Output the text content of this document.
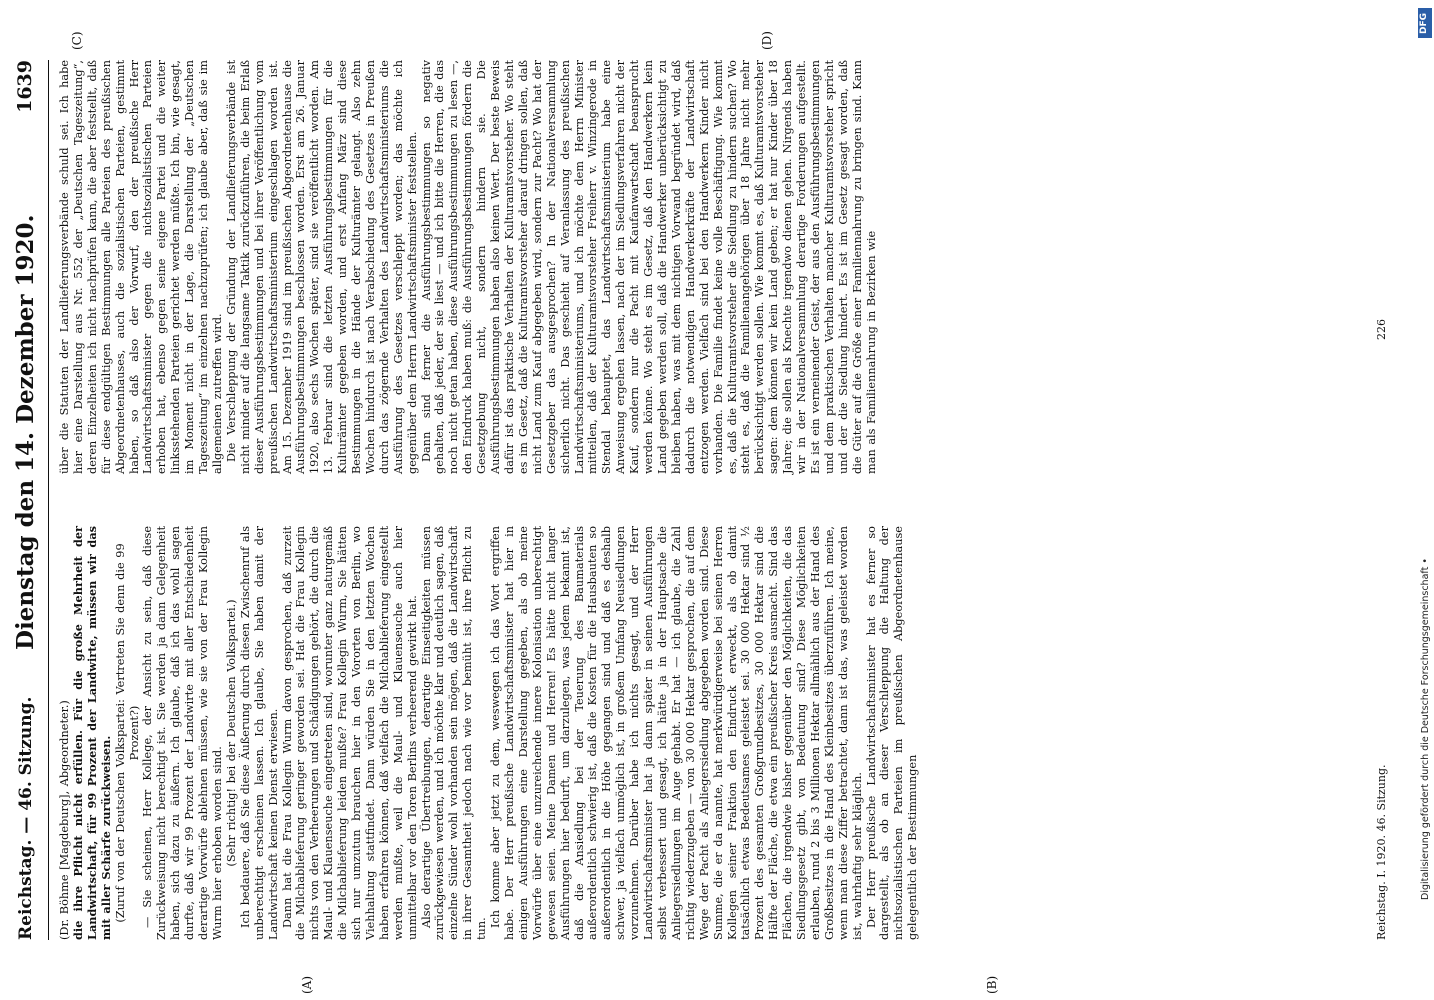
Reichstag. — 46. Sitzung.
Dienstag den 14. Dezember 1920.
1639
(A)	(B)
(C)	(D)

(Dr. Böhme [Magdeburg], Abgeordneter.) die ihre Pflicht nicht erfüllen. Für die große Mehrheit der Landwirtschaft, für 99 Prozent der Landwirte, müssen wir das mit aller Schärfe zurückweisen. (Zuruf von der Deutschen Volkspartei: Vertreten Sie denn die 99 Prozent?) — Sie scheinen, Herr Kollege, der Ansicht zu sein, daß diese Zurückweisung nicht berechtigt ist. Sie werden ja dann Gelegenheit haben, sich dazu zu äußern. Ich glaube, daß ich das wohl sagen durfte, daß wir 99 Prozent der Landwirte mit aller Entschiedenheit derartige Vorwürfe ablehnen müssen, wie sie von der Frau Kollegin Wurm hier erhoben worden sind. (Sehr richtig! bei der Deutschen Volkspartei.) Ich bedauere, daß Sie diese Äußerung durch diesen Zwischenruf als unberechtigt erscheinen lassen. Ich glaube, Sie haben damit der Landwirtschaft keinen Dienst erwiesen. Dann hat die Frau Kollegin Wurm davon gesprochen, daß zurzeit die Milchablieferung geringer geworden sei. Hat die Frau Kollegin nichts von den Verheerungen und Schädigungen gehört, die durch die Maul- und Klauenseuche eingetreten sind, worunter ganz naturgemäß die Milchablieferung leiden mußte? Frau Kollegin Wurm, Sie hätten sich nur umzutun brauchen hier in den Vororten von Berlin, wo Viehhaltung stattfindet. Dann würden Sie in den letzten Wochen haben erfahren können, daß vielfach die Milchablieferung eingestellt werden mußte, weil die Maul- und Klauenseuche auch hier unmittelbar vor den Toren Berlins verheerend gewirkt hat. Also derartige Übertreibungen, derartige Einseitigkeiten müssen zurückgewiesen werden, und ich möchte klar und deutlich sagen, daß einzelne Sünder wohl vorhanden sein mögen, daß die Landwirtschaft in ihrer Gesamtheit jedoch nach wie vor bemüht ist, ihre Pflicht zu tun.

Ich komme aber jetzt zu dem, weswegen ich das Wort ergriffen habe. Der Herr preußische Landwirtschaftsminister hat hier in einigen Ausführungen eine Darstellung gegeben, als ob meine Vorwürfe über eine unzureichende innere Kolonisation unberechtigt gewesen seien. Meine Damen und Herren! Es hätte nicht langer Ausführungen hier bedurft, um darzulegen, was jedem bekannt ist, daß die Ansiedlung bei der Teuerung des Baumaterials außerordentlich schwierig ist, daß die Kosten für die Hausbauten so außerordentlich in die Höhe gegangen sind und daß es deshalb schwer, ja vielfach unmöglich ist, in großem Umfang Neusiedlungen vorzunehmen. Darüber habe ich nichts gesagt, und der Herr Landwirtschaftsminister hat ja dann später in seinen Ausführungen selbst verbessert und gesagt, ich hätte ja in der Hauptsache die Anliegersiedlungen im Auge gehabt. Er hat — ich glaube, die Zahl richtig wiederzugeben — von 30 000 Hektar gesprochen, die auf dem Wege der Pacht als Anliegersiedlung abgegeben worden sind. Diese Summe, die er da nannte, hat merkwürdigerweise bei seinen Herren Kollegen seiner Fraktion den Eindruck erweckt, als ob damit tatsächlich etwas Bedeutsames geleistet sei. 30 000 Hektar sind ½ Prozent des gesamten Großgrundbesitzes, 30 000 Hektar sind die Hälfte der Fläche, die etwa ein preußischer Kreis ausmacht. Sind das Flächen, die irgendwie bisher gegenüber den Möglichkeiten, die das Siedlungsgesetz gibt, von Bedeutung sind? Diese Möglichkeiten erlauben, rund 2 bis 3 Millionen Hektar allmählich aus der Hand des Großbesitzes in die Hand des Kleinbesitzes überzuführen. Ich meine, wenn man diese Ziffer betrachtet, dann ist das, was geleistet worden ist, wahrhaftig sehr kläglich. Der Herr preußische Landwirtschaftsminister hat es ferner so dargestellt, als ob an dieser Verschleppung die Haltung der nichtsozialistischen Parteien im preußischen Abgeordnetenhause gelegentlich der Bestimmungen

über die Statuten der Landlieferungsverbände schuld sei. Ich habe hier eine Darstellung aus Nr. 552 der „Deutschen Tageszeitung“, deren Einzelheiten ich nicht nachprüfen kann, die aber feststellt, daß für diese endgültigen Bestimmungen alle Parteien des preußischen Abgeordnetenhauses, auch die sozialistischen Parteien, gestimmt haben, so daß also der Vorwurf, den der preußische Herr Landwirtschaftsminister gegen die nichtsozialistischen Parteien erhoben hat, ebenso gegen seine eigene Partei und die weiter linksstehenden Parteien gerichtet werden müßte. Ich bin, wie gesagt, im Moment nicht in der Lage, die Darstellung der „Deutschen Tageszeitung“ im einzelnen nachzuprüfen; ich glaube aber, daß sie im allgemeinen zutreffen wird. Die Verschleppung der Gründung der Landlieferungsverbände ist nicht minder auf die langsame Taktik zurückzuführen, die beim Erlaß dieser Ausführungsbestimmungen und bei ihrer Veröffentlichung vom preußischen Landwirtschaftsministerium eingeschlagen worden ist. Am 15. Dezember 1919 sind im preußischen Abgeordnetenhause die Ausführungsbestimmungen beschlossen worden. Erst am 26. Januar 1920, also sechs Wochen später, sind sie veröffentlicht worden. Am 13. Februar sind die letzten Ausführungsbestimmungen für die Kulturämter gegeben worden, und erst Anfang März sind diese Bestimmungen in die Hände der Kulturämter gelangt. Also zehn Wochen hindurch ist nach Verabschiedung des Gesetzes in Preußen durch das zögernde Verhalten des Landwirtschaftsministeriums die Ausführung des Gesetzes verschleppt worden; das möchte ich gegenüber dem Herrn Landwirtschaftsminister feststellen. Dann sind ferner die Ausführungsbestimmungen so negativ gehalten, daß jeder, der sie liest — und ich bitte die Herren, die das noch nicht getan haben, diese Ausführungsbestimmungen zu lesen —, den Eindruck haben muß: die Ausführungsbestimmungen fördern die Gesetzgebung nicht, sondern hindern sie. Die Ausführungsbestimmungen haben also keinen Wert. Der beste Beweis dafür ist das praktische Verhalten der Kulturamtsvorsteher. Wo steht es im Gesetz, daß die Kulturamtsvorsteher darauf dringen sollen, daß nicht Land zum Kauf abgegeben wird, sondern zur Pacht? Wo hat der Gesetzgeber das ausgesprochen? In der Nationalversammlung sicherlich nicht. Das geschieht auf Veranlassung des preußischen Landwirtschaftsministeriums, und ich möchte dem Herrn Minister mitteilen, daß der Kulturamtsvorsteher Freiherr v. Winzingerode in Stendal behauptet, das Landwirtschaftsministerium habe eine Anweisung ergehen lassen, nach der im Siedlungsverfahren nicht der Kauf, sondern nur die Pacht mit Kaufanwartschaft beansprucht werden könne. Wo steht es im Gesetz, daß den Handwerkern kein Land gegeben werden soll, daß die Handwerker unberücksichtigt zu bleiben haben, was mit dem nichtigen Vorwand begründet wird, daß dadurch die notwendigen Handwerkerkräfte der Landwirtschaft entzogen werden. Vielfach sind bei den Handwerkern Kinder nicht vorhanden. Die Familie findet keine volle Beschäftigung. Wie kommt es, daß die Kulturamtsvorsteher die Siedlung zu hindern suchen? Wo steht es, daß die Familienangehörigen über 18 Jahre nicht mehr berücksichtigt werden sollen. Wie kommt es, daß Kulturamtsvorsteher sagen: dem können wir kein Land geben; er hat nur Kinder über 18 Jahre; die sollen als Knechte irgendwo dienen gehen. Nirgends haben wir in der Nationalversammlung derartige Forderungen aufgestellt. Es ist ein verneinender Geist, der aus den Ausführungsbestimmungen und dem praktischen Verhalten mancher Kulturamtsvorsteher spricht und der die Siedlung hindert. Es ist im Gesetz gesagt worden, daß die Güter auf die Größe einer Familiennahrung zu bringen sind. Kann man als Familiennahrung in Bezirken wie

Reichstag. I. 1920. 46. Sitzung.
226
DFG
Digitalisierung gefördert durch die Deutsche Forschungsgemeinschaft •
